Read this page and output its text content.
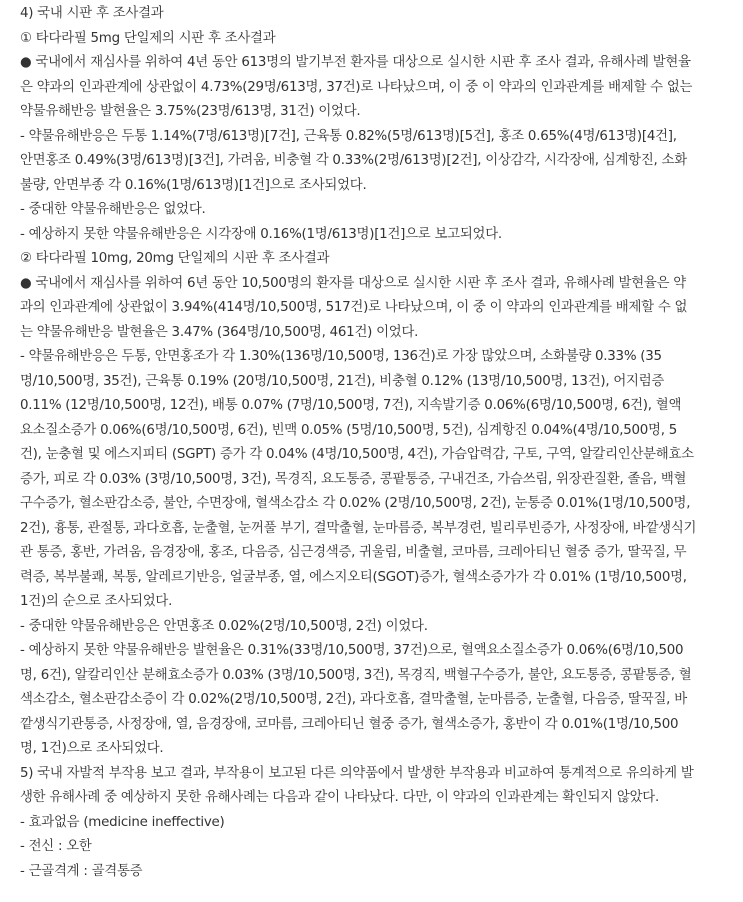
4) 국내 시판 후 조사결과
① 타다라필 5mg 단일제의 시판 후 조사결과
● 국내에서 재심사를 위하여 4년 동안 613명의 발기부전 환자를 대상으로 실시한 시판 후 조사 결과, 유해사례 발현율
은 약과의 인과관계에 상관없이 4.73%(29명/613명, 37건)로 나타났으며, 이 중 이 약과의 인과관계를 배제할 수 없는
약물유해반응 발현율은 3.75%(23명/613명, 31건) 이었다.
- 약물유해반응은 두통 1.14%(7명/613명)[7건], 근육통 0.82%(5명/613명)[5건], 홍조 0.65%(4명/613명)[4건],
안면홍조 0.49%(3명/613명)[3건], 가려움, 비충혈 각 0.33%(2명/613명)[2건], 이상감각, 시각장애, 심계항진, 소화
불량, 안면부종 각 0.16%(1명/613명)[1건]으로 조사되었다.
- 중대한 약물유해반응은 없었다.
- 예상하지 못한 약물유해반응은 시각장애 0.16%(1명/613명)[1건]으로 보고되었다.
② 타다라필 10mg, 20mg 단일제의 시판 후 조사결과
● 국내에서 재심사를 위하여 6년 동안 10,500명의 환자를 대상으로 실시한 시판 후 조사 결과, 유해사례 발현율은 약
과의 인과관계에 상관없이 3.94%(414명/10,500명, 517건)로 나타났으며, 이 중 이 약과의 인과관계를 배제할 수 없
는 약물유해반응 발현율은 3.47% (364명/10,500명, 461건) 이었다.
- 약물유해반응은 두통, 안면홍조가 각 1.30%(136명/10,500명, 136건)로 가장 많았으며, 소화불량 0.33% (35
명/10,500명, 35건), 근육통 0.19% (20명/10,500명, 21건), 비충혈 0.12% (13명/10,500명, 13건), 어지럼증
0.11% (12명/10,500명, 12건), 배통 0.07% (7명/10,500명, 7건), 지속발기증 0.06%(6명/10,500명, 6건), 혈액
요소질소증가 0.06%(6명/10,500명, 6건), 빈맥 0.05% (5명/10,500명, 5건), 심계항진 0.04%(4명/10,500명, 5
건), 눈충혈 및 에스지피티 (SGPT) 증가 각 0.04% (4명/10,500명, 4건), 가슴압력감, 구토, 구역, 알칼리인산분해효소
증가, 피로 각 0.03% (3명/10,500명, 3건), 목경직, 요도통증, 콩팥통증, 구내건조, 가슴쓰림, 위장관질환, 졸음, 백혈
구수증가, 혈소판감소증, 불안, 수면장애, 혈색소감소 각 0.02% (2명/10,500명, 2건), 눈통증 0.01%(1명/10,500명,
2건), 흉통, 관절통, 과다호흡, 눈출혈, 눈꺼풀 부기, 결막출혈, 눈마름증, 복부경련, 빌리루빈증가, 사정장애, 바깥생식기
관 통증, 홍반, 가려움, 음경장애, 홍조, 다음증, 심근경색증, 귀울림, 비출혈, 코마름, 크레아티닌 혈중 증가, 딸꾹질, 무
력증, 복부불쾌, 복통, 알레르기반응, 얼굴부종, 열, 에스지오티(SGOT)증가, 혈색소증가가 각 0.01% (1명/10,500명,
1건)의 순으로 조사되었다.
- 중대한 약물유해반응은 안면홍조 0.02%(2명/10,500명, 2건) 이었다.
- 예상하지 못한 약물유해반응 발현율은 0.31%(33명/10,500명, 37건)으로, 혈액요소질소증가 0.06%(6명/10,500
명, 6건), 알칼리인산 분해효소증가 0.03% (3명/10,500명, 3건), 목경직, 백혈구수증가, 불안, 요도통증, 콩팥통증, 혈
색소감소, 혈소판감소증이 각 0.02%(2명/10,500명, 2건), 과다호흡, 결막출혈, 눈마름증, 눈출혈, 다음증, 딸꾹질, 바
깥생식기관통증, 사정장애, 열, 음경장애, 코마름, 크레아티닌 혈중 증가, 혈색소증가, 홍반이 각 0.01%(1명/10,500
명, 1건)으로 조사되었다.
5) 국내 자발적 부작용 보고 결과, 부작용이 보고된 다른 의약품에서 발생한 부작용과 비교하여 통계적으로 유의하게 발
생한 유해사례 중 예상하지 못한 유해사례는 다음과 같이 나타났다. 다만, 이 약과의 인과관계는 확인되지 않았다.
- 효과없음 (medicine ineffective)
- 전신 : 오한
- 근골격계 : 골격통증
